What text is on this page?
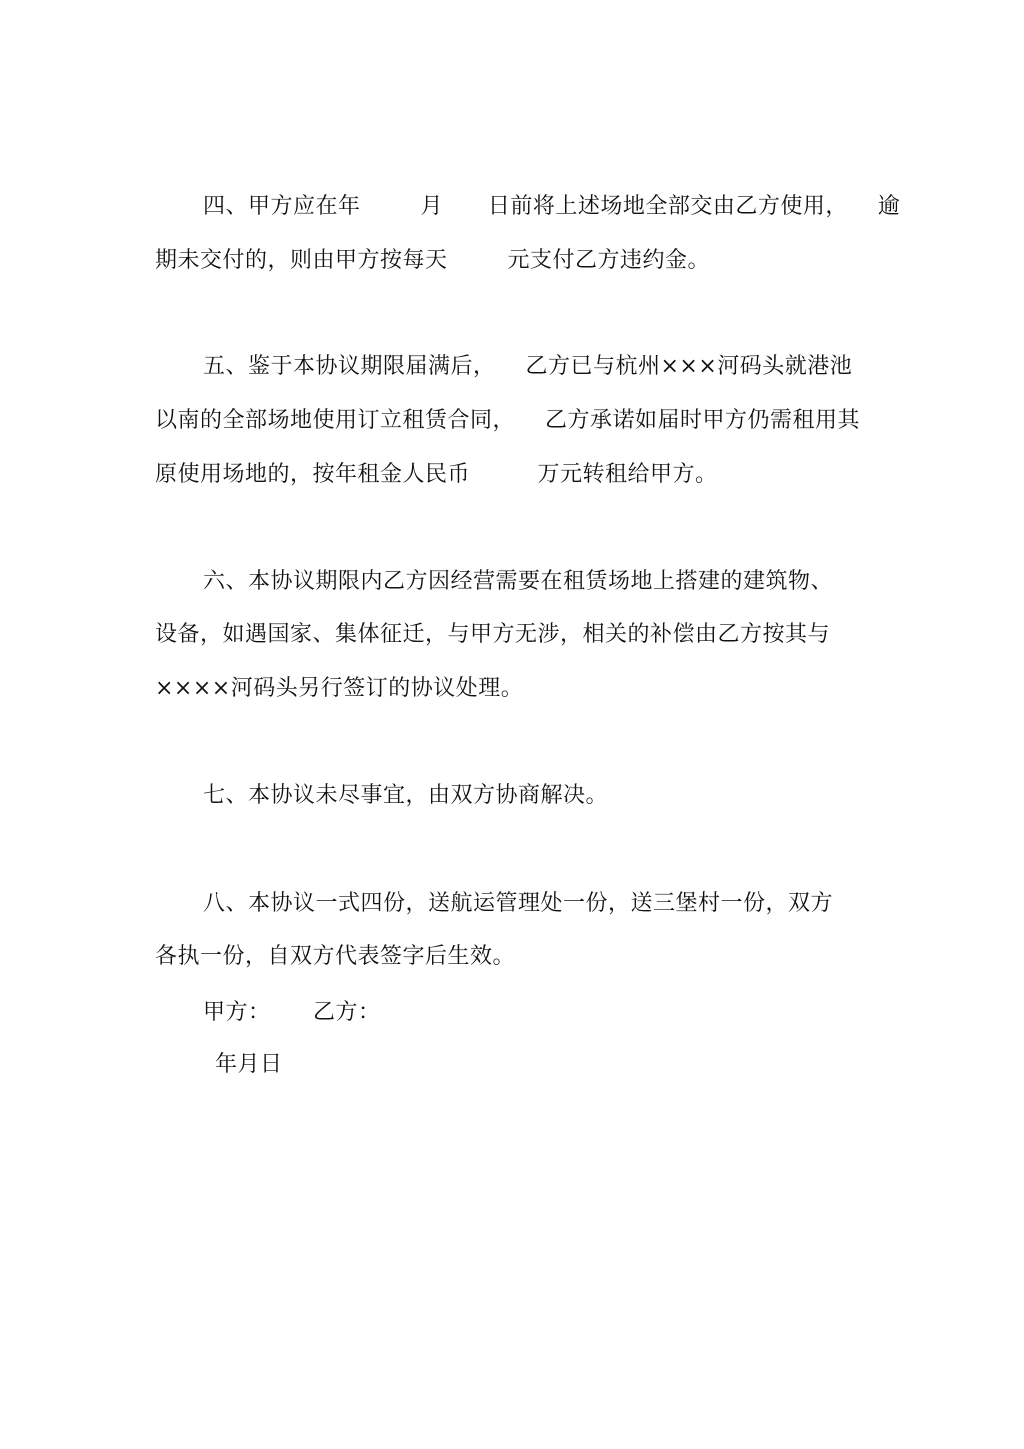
四、甲方应在年        月      日前将上述场地全部交由乙方使用，    逾
期未交付的，则由甲方按每天        元支付乙方违约金。
五、鉴于本协议期限届满后，    乙方已与杭州×××河码头就港池
以南的全部场地使用订立租赁合同，    乙方承诺如届时甲方仍需租用其
原使用场地的，按年租金人民币         万元转租给甲方。
六、本协议期限内乙方因经营需要在租赁场地上搭建的建筑物、
设备，如遇国家、集体征迁，与甲方无涉，相关的补偿由乙方按其与
××××河码头另行签订的协议处理。
七、本协议未尽事宜，由双方协商解决。
八、本协议一式四份，送航运管理处一份，送三堡村一份，双方
各执一份，自双方代表签字后生效。
甲方： 乙方：
年月日
